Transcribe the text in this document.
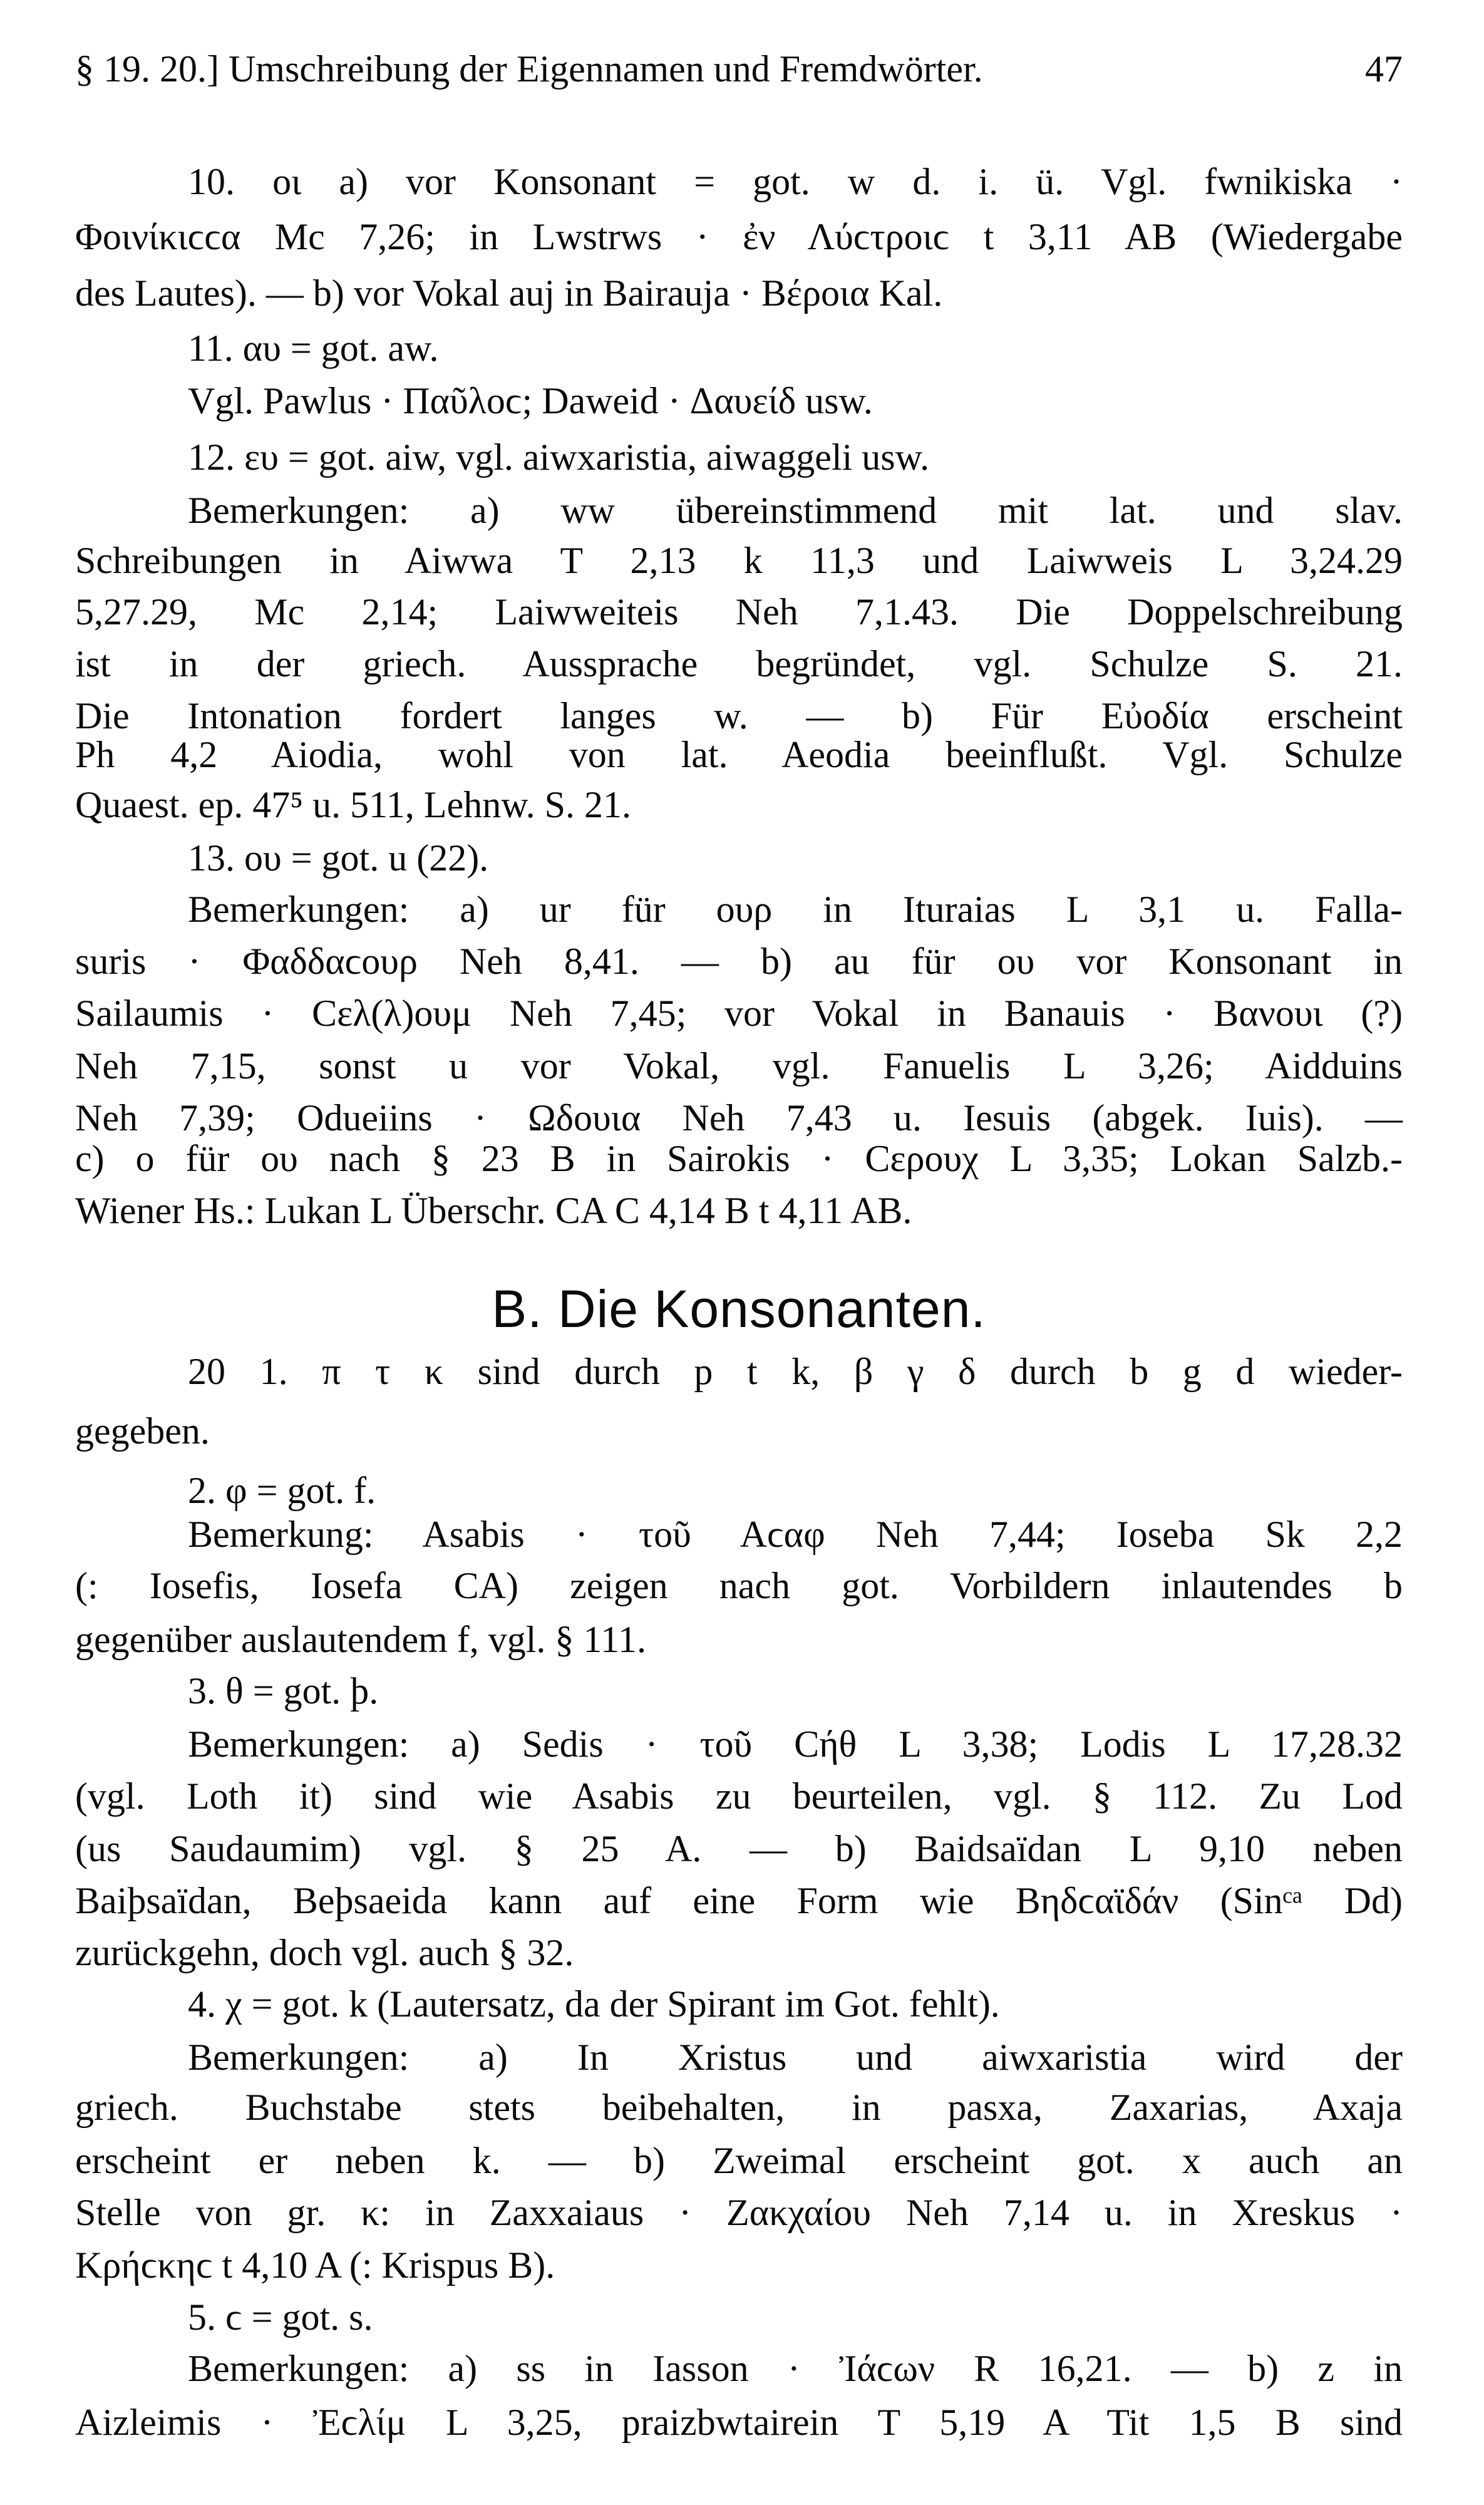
§ 19. 20.] Umschreibung der Eigennamen und Fremdwörter.	47
10. οι a) vor Konsonant = got. w d. i. ü. Vgl. fwnikiska ·
Φοινίκιϲϲα Mc 7,26; in Lwstrws · ἐν Λύϲτροιϲ t 3,11 AB (Wiedergabe
des Lautes). — b) vor Vokal auj in Bairauja · Βέροια Kal.
11. αυ = got. aw.
Vgl. Pawlus · Παῦλοϲ; Daweid · Δαυείδ usw.
12. ευ = got. aiw, vgl. aiwxaristia, aiwaggeli usw.
Bemerkungen: a) ww übereinstimmend mit lat. und slav.
Schreibungen in Aiwwa T 2,13 k 11,3 und Laiwweis L 3,24.29
5,27.29, Mc 2,14; Laiwweiteis Neh 7,1.43. Die Doppelschreibung
ist in der griech. Aussprache begründet, vgl. Schulze S. 21.
Die Intonation fordert langes w. — b) Für Εὐοδία erscheint
Ph 4,2 Aiodia, wohl von lat. Aeodia beeinflußt. Vgl. Schulze
Quaest. ep. 47⁵ u. 511, Lehnw. S. 21.
13. ου = got. u (22).
Bemerkungen: a) ur für ουρ in Ituraias L 3,1 u. Falla-
suris · Φαδδαϲουρ Neh 8,41. — b) au für ου vor Konsonant in
Sailaumis · Ϲελ(λ)ουμ Neh 7,45; vor Vokal in Banauis · Βανουι (?)
Neh 7,15, sonst u vor Vokal, vgl. Fanuelis L 3,26; Aidduins
Neh 7,39; Odueiins · Ωδουια Neh 7,43 u. Iesuis (abgek. Iuis). —
c) o für ου nach § 23 B in Sairokis · Ϲερουχ L 3,35; Lokan Salzb.-
Wiener Hs.: Lukan L Überschr. CA C 4,14 B t 4,11 AB.
B. Die Konsonanten.
20 1. π τ κ sind durch p t k, β γ δ durch b g d wieder-
gegeben.
2. φ = got. f.
Bemerkung: Asabis · τοῦ Αϲαφ Neh 7,44; Ioseba Sk 2,2
(: Iosefis, Iosefa CA) zeigen nach got. Vorbildern inlautendes b
gegenüber auslautendem f, vgl. § 111.
3. θ = got. þ.
Bemerkungen: a) Sedis · τοῦ Ϲήθ L 3,38; Lodis L 17,28.32
(vgl. Loth it) sind wie Asabis zu beurteilen, vgl. § 112. Zu Lod
(us Saudaumim) vgl. § 25 A. — b) Baidsaïdan L 9,10 neben
Baiþsaïdan, Beþsaeida kann auf eine Form wie Βηδϲαϊδάν (Sinᶜᵃ Dd)
zurückgehn, doch vgl. auch § 32.
4. χ = got. k (Lautersatz, da der Spirant im Got. fehlt).
Bemerkungen: a) In Xristus und aiwxaristia wird der
griech. Buchstabe stets beibehalten, in pasxa, Zaxarias, Axaja
erscheint er neben k. — b) Zweimal erscheint got. x auch an
Stelle von gr. κ: in Zaxxaiaus · Ζακχαίου Neh 7,14 u. in Xreskus ·
Κρήϲκηϲ t 4,10 A (: Krispus B).
5. ϲ = got. s.
Bemerkungen: a) ss in Iasson · Ἰάϲων R 16,21. — b) z in
Aizleimis · Ἐϲλίμ L 3,25, praizbwtairein T 5,19 A Tit 1,5 B sind
